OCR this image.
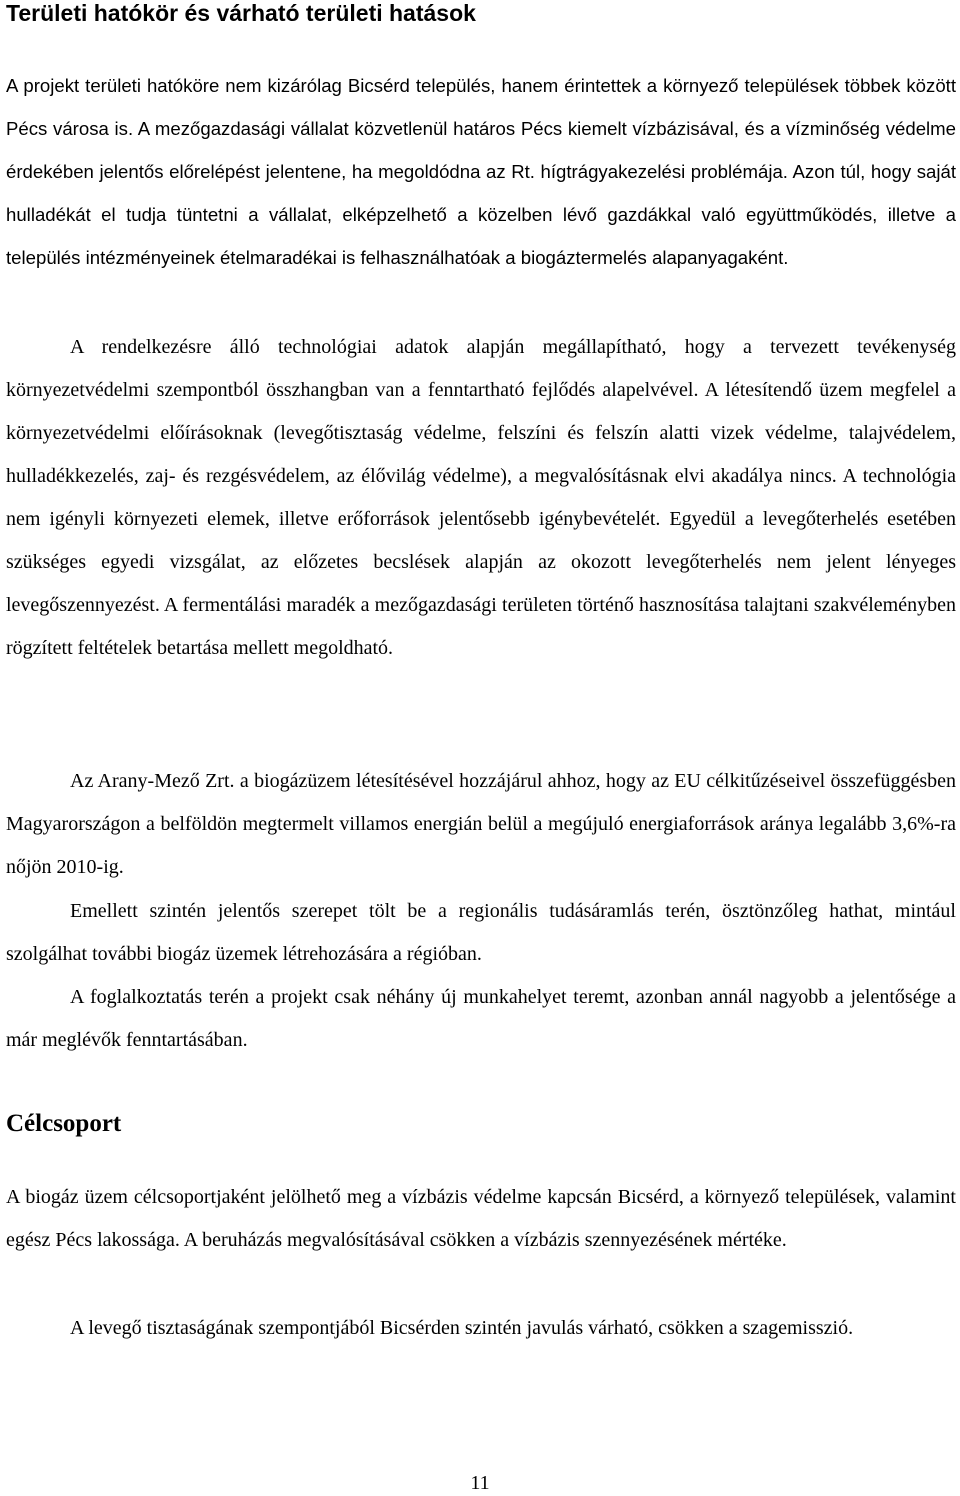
Területi hatókör és várható területi hatások

A projekt területi hatóköre nem kizárólag Bicsérd település, hanem érintettek a környező települések többek között Pécs városa is. A mezőgazdasági vállalat közvetlenül határos Pécs kiemelt vízbázisával, és a vízminőség védelme érdekében jelentős előrelépést jelentene, ha megoldódna az Rt. hígtrágyakezelési problémája. Azon túl, hogy saját hulladékát el tudja tüntetni a vállalat, elképzelhető a közelben lévő gazdákkal való együttműködés, illetve a település intézményeinek ételmaradékai is felhasználhatóak a biogáztermelés alapanyagaként.

A rendelkezésre álló technológiai adatok alapján megállapítható, hogy a tervezett tevékenység környezetvédelmi szempontból összhangban van a fenntartható fejlődés alapelvével. A létesítendő üzem megfelel a környezetvédelmi előírásoknak (levegőtisztaság védelme, felszíni és felszín alatti vizek védelme, talajvédelem, hulladékkezelés, zaj- és rezgésvédelem, az élővilág védelme), a megvalósításnak elvi akadálya nincs. A technológia nem igényli környezeti elemek, illetve erőforrások jelentősebb igénybevételét. Egyedül a levegőterhelés esetében szükséges egyedi vizsgálat, az előzetes becslések alapján az okozott levegőterhelés nem jelent lényeges levegőszennyezést. A fermentálási maradék a mezőgazdasági területen történő hasznosítása talajtani szakvéleményben rögzített feltételek betartása mellett megoldható.

Az Arany-Mező Zrt. a biogázüzem létesítésével hozzájárul ahhoz, hogy az EU célkitűzéseivel összefüggésben Magyarországon a belföldön megtermelt villamos energián belül a megújuló energiaforrások aránya legalább 3,6%-ra nőjön 2010-ig.

Emellett szintén jelentős szerepet tölt be a regionális tudásáramlás terén, ösztönzőleg hathat, mintául szolgálhat további biogáz üzemek létrehozására a régióban.

A foglalkoztatás terén a projekt csak néhány új munkahelyet teremt, azonban annál nagyobb a jelentősége a már meglévők fenntartásában.

Célcsoport

A biogáz üzem célcsoportjaként jelölhető meg a vízbázis védelme kapcsán Bicsérd, a környező települések, valamint egész Pécs lakossága. A beruházás megvalósításával csökken a vízbázis szennyezésének mértéke.

A levegő tisztaságának szempontjából Bicsérden szintén javulás várható, csökken a szagemisszió.

11
